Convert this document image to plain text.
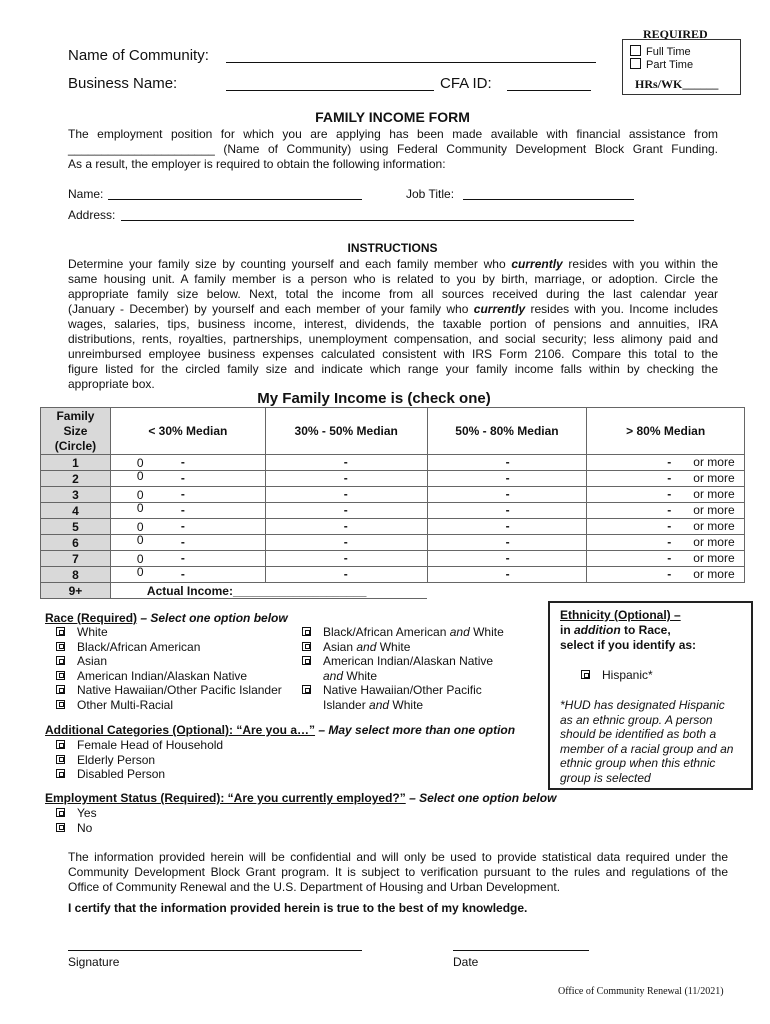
Name of Community:
Business Name:	CFA ID:
REQUIRED
Full Time
Part Time
HRs/WK______
FAMILY INCOME FORM
The employment position for which you are applying has been made available with financial assistance from
______________________ (Name of Community) using Federal Community Development Block Grant Funding.
As a result, the employer is required to obtain the following information:
Name:	Job Title:
Address:
INSTRUCTIONS
Determine your family size by counting yourself and each family member who currently resides with you within the
same housing unit. A family member is a person who is related to you by birth, marriage, or adoption. Circle the
appropriate family size below. Next, total the income from all sources received during the last calendar year
(January - December) by yourself and each member of your family who currently resides with you. Income includes
wages, salaries, tips, business income, interest, dividends, the taxable portion of pensions and annuities, IRA
distributions, rents, royalties, partnerships, unemployment compensation, and social security; less alimony paid and
unreimbursed employee business expenses calculated consistent with IRS Form 2106. Compare this total to the
figure listed for the circled family size and indicate which range your family income falls within by checking the
appropriate box.
My Family Income is (check one)
Family
Size
(Circle)	< 30% Median	30% - 50% Median	50% - 80% Median	> 80% Median
1	0 -	-	-	- or more

2	0 -	-	-	- or more

3	0 -	-	-	- or more

4	0 -	-	-	- or more

5	0 -	-	-	- or more

6	0 -	-	-	- or more

7	0 -	-	-	- or more

8	0 -	-	-	- or more

9+	Actual Income:____________________			
Race (Required) – Select one option below
White
Black/African American
Asian
American Indian/Alaskan Native
Native Hawaiian/Other Pacific Islander
Other Multi-Racial
Black/African American and White
Asian and White
American Indian/Alaskan Native
and White
Native Hawaiian/Other Pacific
Islander and White
Additional Categories (Optional): “Are you a…” – May select more than one option
Female Head of Household
Elderly Person
Disabled Person
Ethnicity (Optional) –
in addition to Race,
select if you identify as:
Hispanic*
*HUD has designated Hispanic
as an ethnic group. A person
should be identified as both a
member of a racial group and an
ethnic group when this ethnic
group is selected
Employment Status (Required): “Are you currently employed?” – Select one option below
Yes
No
The information provided herein will be confidential and will only be used to provide statistical data required under the
Community Development Block Grant program. It is subject to verification pursuant to the rules and regulations of the
Office of Community Renewal and the U.S. Department of Housing and Urban Development.
I certify that the information provided herein is true to the best of my knowledge.
Signature	Date
Office of Community Renewal (11/2021)
